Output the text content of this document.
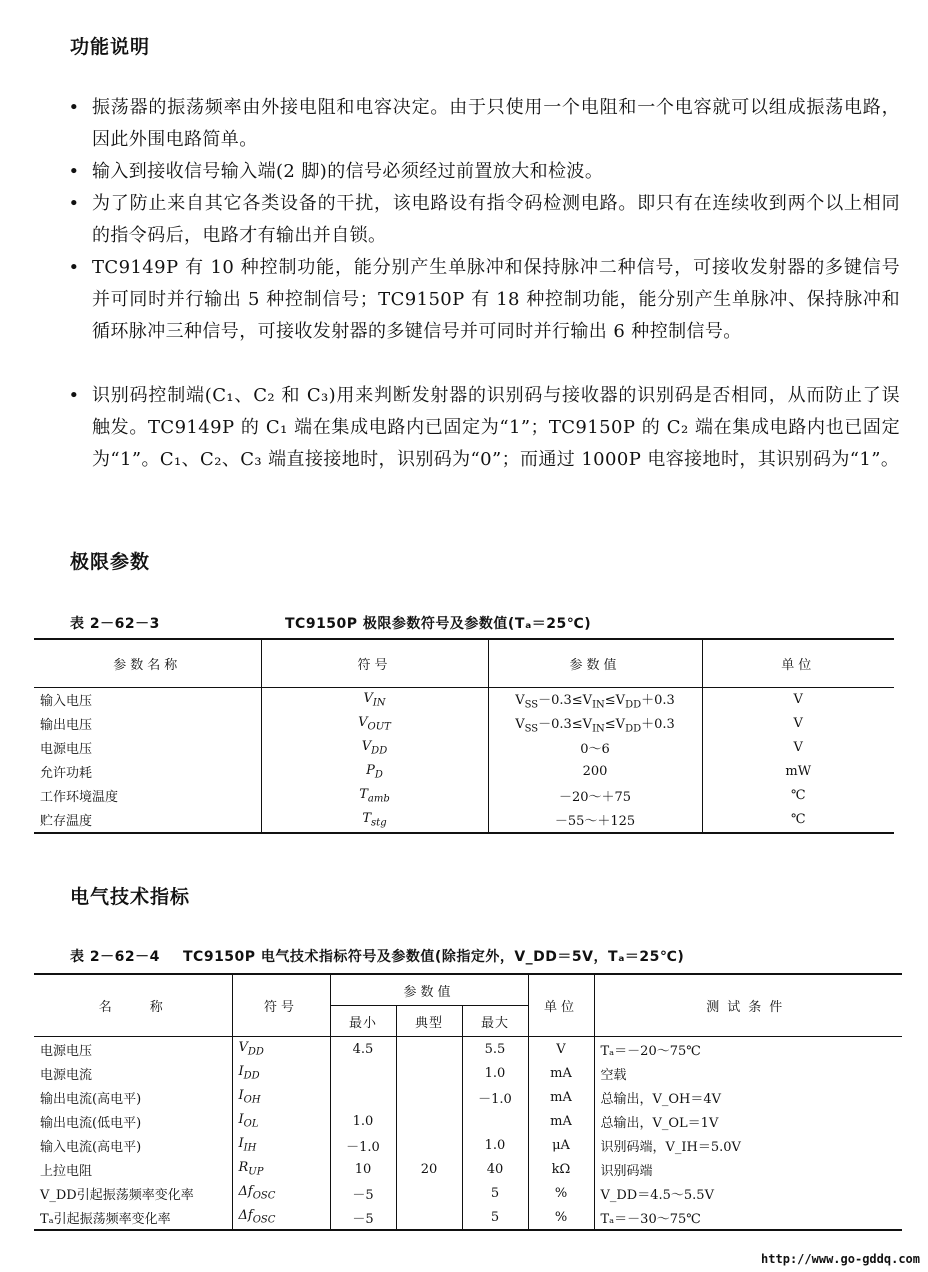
功能说明
• 振荡器的振荡频率由外接电阻和电容决定。由于只使用一个电阻和一个电容就可以组成振荡电路，因此外围电路简单。
• 输入到接收信号输入端(2 脚)的信号必须经过前置放大和检波。
• 为了防止来自其它各类设备的干扰，该电路设有指令码检测电路。即只有在连续收到两个以上相同的指令码后，电路才有输出并自锁。
• TC9149P 有 10 种控制功能，能分别产生单脉冲和保持脉冲二种信号，可接收发射器的多键信号并可同时并行输出 5 种控制信号；TC9150P 有 18 种控制功能，能分别产生单脉冲、保持脉冲和循环脉冲三种信号，可接收发射器的多键信号并可同时并行输出 6 种控制信号。
• 识别码控制端(C₁、C₂ 和 C₃)用来判断发射器的识别码与接收器的识别码是否相同，从而防止了误触发。TC9149P 的 C₁ 端在集成电路内已固定为“1”；TC9150P 的 C₂ 端在集成电路内也已固定为“1”。C₁、C₂、C₃ 端直接接地时，识别码为“0”；而通过 1000P 电容接地时，其识别码为“1”。
极限参数
表 2－62－3	TC9150P 极限参数符号及参数值(Tₐ＝25℃)
参数名称	符号	参数值	单位
输入电压	$V_{IN}$	$V_{SS}-0.3\le V_{IN}\le V_{DD}+0.3$	V
输出电压	$V_{OUT}$	$V_{SS}-0.3\le V_{IN}\le V_{DD}+0.3$	V
电源电压	$V_{DD}$	0～6	V
允许功耗	$P_D$	200	mW
工作环境温度	$T_{amb}$	－20～＋75	℃
贮存温度	$T_{stg}$	－55～＋125	℃
电气技术指标
表 2－62－4 TC9150P 电气技术指标符号及参数值(除指定外，V_DD＝5V，Tₐ＝25℃)
名　　称	符号	参数值			单位	测试条件
		最小	典型	最大		
电源电压	$V_{DD}$	4.5		5.5	V	Tₐ＝－20～75℃
电源电流	$I_{DD}$			1.0	mA	空载
输出电流(高电平)	$I_{OH}$			－1.0	mA	总输出，V_OH＝4V
输出电流(低电平)	$I_{OL}$	1.0			mA	总输出，V_OL＝1V
输入电流(高电平)	$I_{IH}$	－1.0		1.0	μA	识别码端，V_IH＝5.0V
上拉电阻	$R_{UP}$	10	20	40	kΩ	识别码端
V_DD引起振荡频率变化率	$\Delta f_{OSC}$	－5		5	%	V_DD＝4.5～5.5V
Tₐ引起振荡频率变化率	$\Delta f_{OSC}$	－5		5	%	Tₐ＝－30～75℃
http://www.go-gddq.com
